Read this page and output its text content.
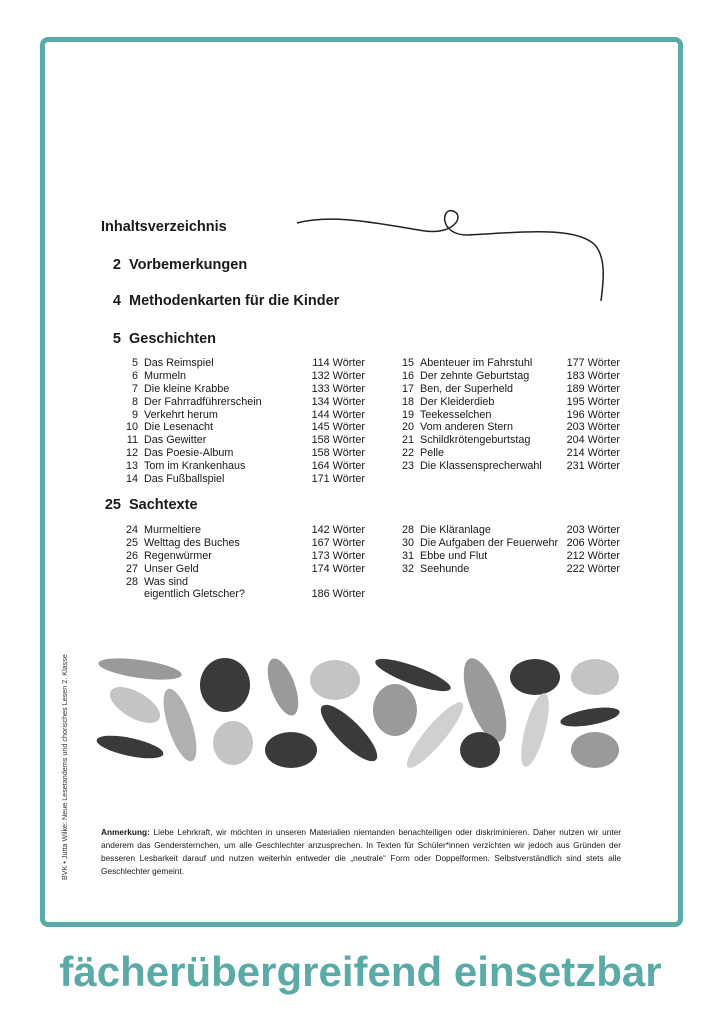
Inhaltsverzeichnis
2 Vorbemerkungen
4 Methodenkarten für die Kinder
5 Geschichten
25 Sachtexte
5 Das Reimspiel	114 Wörter
6 Murmeln	132 Wörter
7 Die kleine Krabbe	133 Wörter
8 Der Fahrradführerschein	134 Wörter
9 Verkehrt herum	144 Wörter
10 Die Lesenacht	145 Wörter
11 Das Gewitter	158 Wörter
12 Das Poesie-Album	158 Wörter
13 Tom im Krankenhaus	164 Wörter
14 Das Fußballspiel	171 Wörter
15 Abenteuer im Fahrstuhl	177 Wörter
16 Der zehnte Geburtstag	183 Wörter
17 Ben, der Superheld	189 Wörter
18 Der Kleiderdieb	195 Wörter
19 Teekesselchen	196 Wörter
20 Vom anderen Stern	203 Wörter
21 Schildkrötengeburtstag	204 Wörter
22 Pelle	214 Wörter
23 Die Klassensprecherwahl 231 Wörter
24 Murmeltiere	142 Wörter
25 Welttag des Buches	167 Wörter
26 Regenwürmer	173 Wörter
27 Unser Geld	174 Wörter
28 Was sind
eigentlich Gletscher?	186 Wörter
28 Die Kläranlage	203 Wörter
30 Die Aufgaben der Feuerwehr 206 Wörter
31 Ebbe und Flut	212 Wörter
32 Seehunde	222 Wörter
Anmerkung: Liebe Lehrkraft, wir möchten in unseren Materialien niemanden benachteiligen oder diskriminieren. Daher nutzen wir unter anderem das Gendersternchen, um alle Geschlechter anzusprechen. In Texten für Schüler*innen verzichten wir jedoch aus Gründen der besseren Lesbarkeit darauf und nutzen weiterhin entweder die „neutrale“ Form oder Doppelformen. Selbstverständlich sind stets alle Geschlechter gemeint.
BVK • Jutta Wilke: Neue Lesetandems und chorisches Lesen 2. Klasse
fächerübergreifend einsetzbar
